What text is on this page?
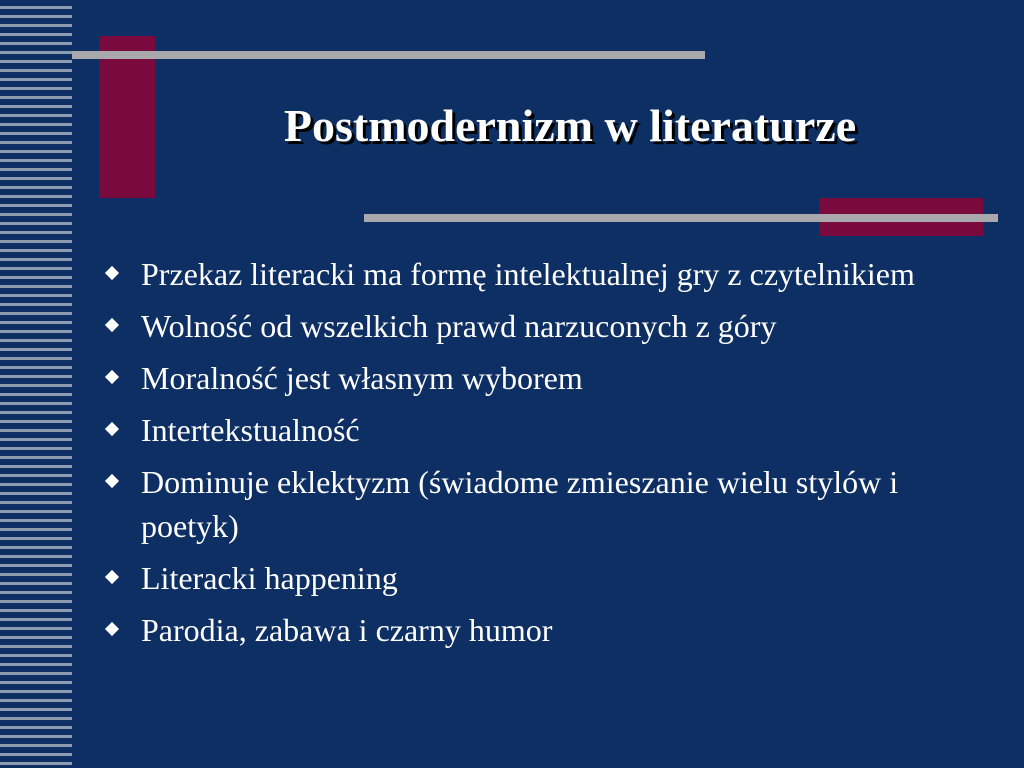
Postmodernizm w literaturze
Przekaz literacki ma formę intelektualnej gry z czytelnikiem
Wolność od wszelkich prawd narzuconych z góry
Moralność jest własnym wyborem
Intertekstualność
Dominuje eklektyzm (świadome zmieszanie wielu stylów i poetyk)
Literacki happening
Parodia, zabawa i czarny humor
